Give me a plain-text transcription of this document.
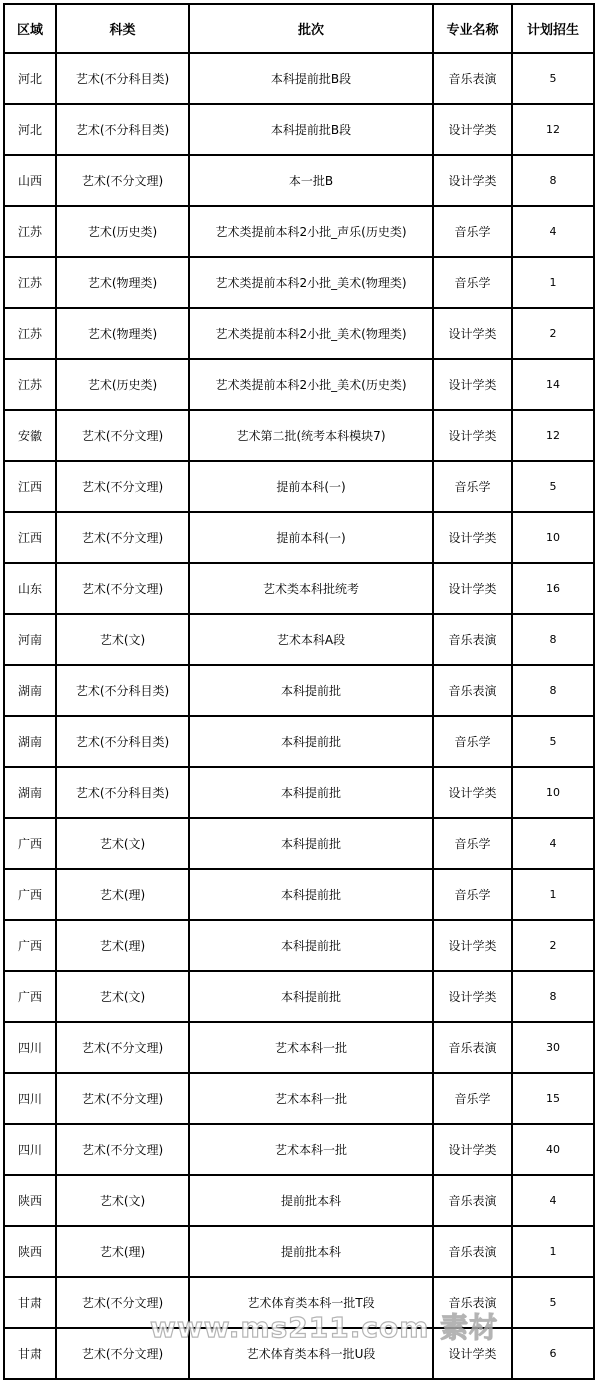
区域	科类	批次	专业名称	计划招生
河北	艺术(不分科目类)	本科提前批B段	音乐表演	5
河北	艺术(不分科目类)	本科提前批B段	设计学类	12
山西	艺术(不分文理)	本一批B	设计学类	8
江苏	艺术(历史类)	艺术类提前本科2小批_声乐(历史类)	音乐学	4
江苏	艺术(物理类)	艺术类提前本科2小批_美术(物理类)	音乐学	1
江苏	艺术(物理类)	艺术类提前本科2小批_美术(物理类)	设计学类	2
江苏	艺术(历史类)	艺术类提前本科2小批_美术(历史类)	设计学类	14
安徽	艺术(不分文理)	艺术第二批(统考本科模块7)	设计学类	12
江西	艺术(不分文理)	提前本科(一)	音乐学	5
江西	艺术(不分文理)	提前本科(一)	设计学类	10
山东	艺术(不分文理)	艺术类本科批统考	设计学类	16
河南	艺术(文)	艺术本科A段	音乐表演	8
湖南	艺术(不分科目类)	本科提前批	音乐表演	8
湖南	艺术(不分科目类)	本科提前批	音乐学	5
湖南	艺术(不分科目类)	本科提前批	设计学类	10
广西	艺术(文)	本科提前批	音乐学	4
广西	艺术(理)	本科提前批	音乐学	1
广西	艺术(理)	本科提前批	设计学类	2
广西	艺术(文)	本科提前批	设计学类	8
四川	艺术(不分文理)	艺术本科一批	音乐表演	30
四川	艺术(不分文理)	艺术本科一批	音乐学	15
四川	艺术(不分文理)	艺术本科一批	设计学类	40
陕西	艺术(文)	提前批本科	音乐表演	4
陕西	艺术(理)	提前批本科	音乐表演	1
甘肃	艺术(不分文理)	艺术体育类本科一批T段	音乐表演	5
甘肃	艺术(不分文理)	艺术体育类本科一批U段	设计学类	6
www.ms211.com 素材
